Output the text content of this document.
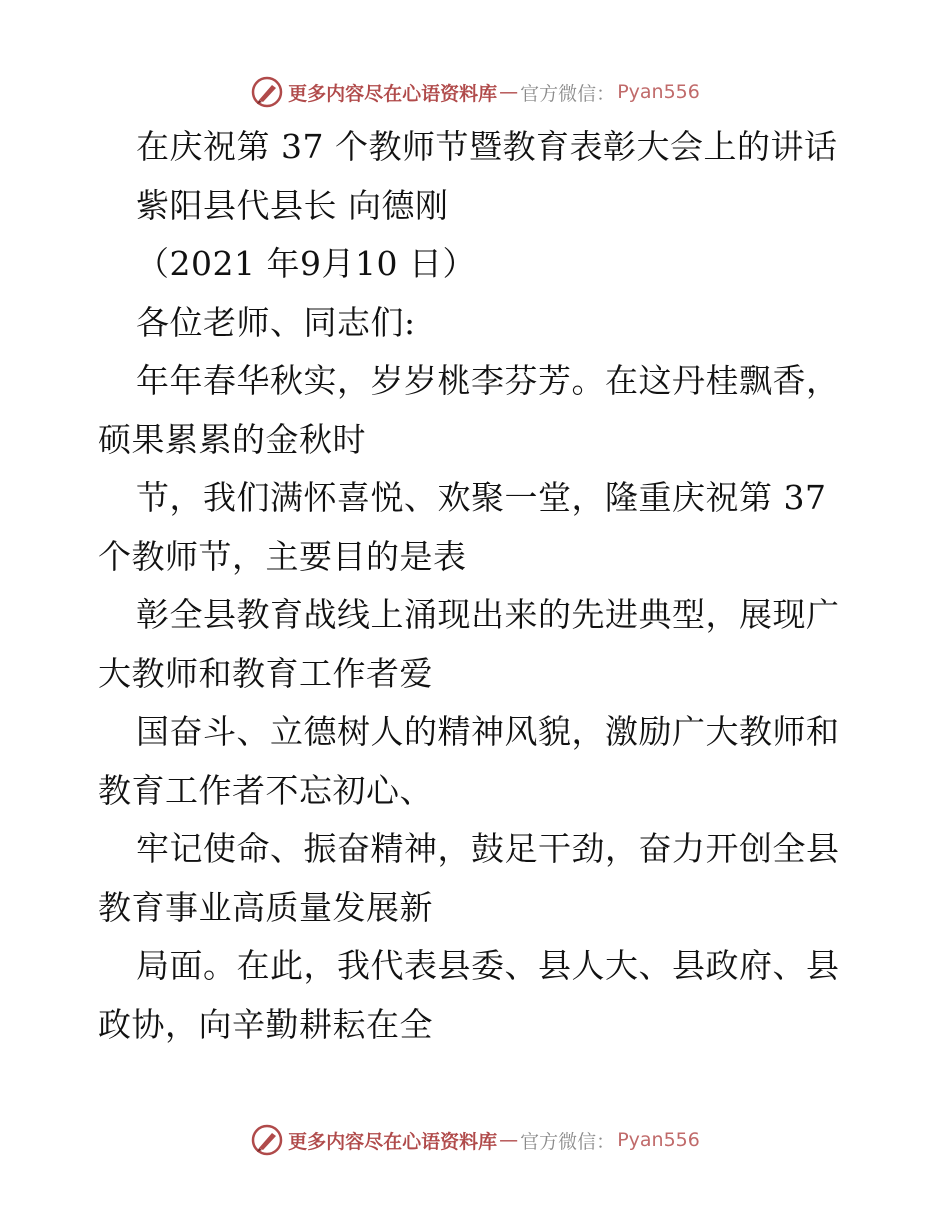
更多内容尽在心语资料库 — 官方微信： Pyan556
在庆祝第 37 个教师节暨教育表彰大会上的讲话
紫阳县代县长 向德刚
（2021 年9月10 日）
各位老师、同志们:
年年春华秋实，岁岁桃李芬芳。在这丹桂飘香，
硕果累累的金秋时
节，我们满怀喜悦、欢聚一堂，隆重庆祝第 37
个教师节，主要目的是表
彰全县教育战线上涌现出来的先进典型，展现广
大教师和教育工作者爱
国奋斗、立德树人的精神风貌，激励广大教师和
教育工作者不忘初心、
牢记使命、振奋精神，鼓足干劲，奋力开创全县
教育事业高质量发展新
局面。在此，我代表县委、县人大、县政府、县
政协，向辛勤耕耘在全
更多内容尽在心语资料库 — 官方微信： Pyan556
